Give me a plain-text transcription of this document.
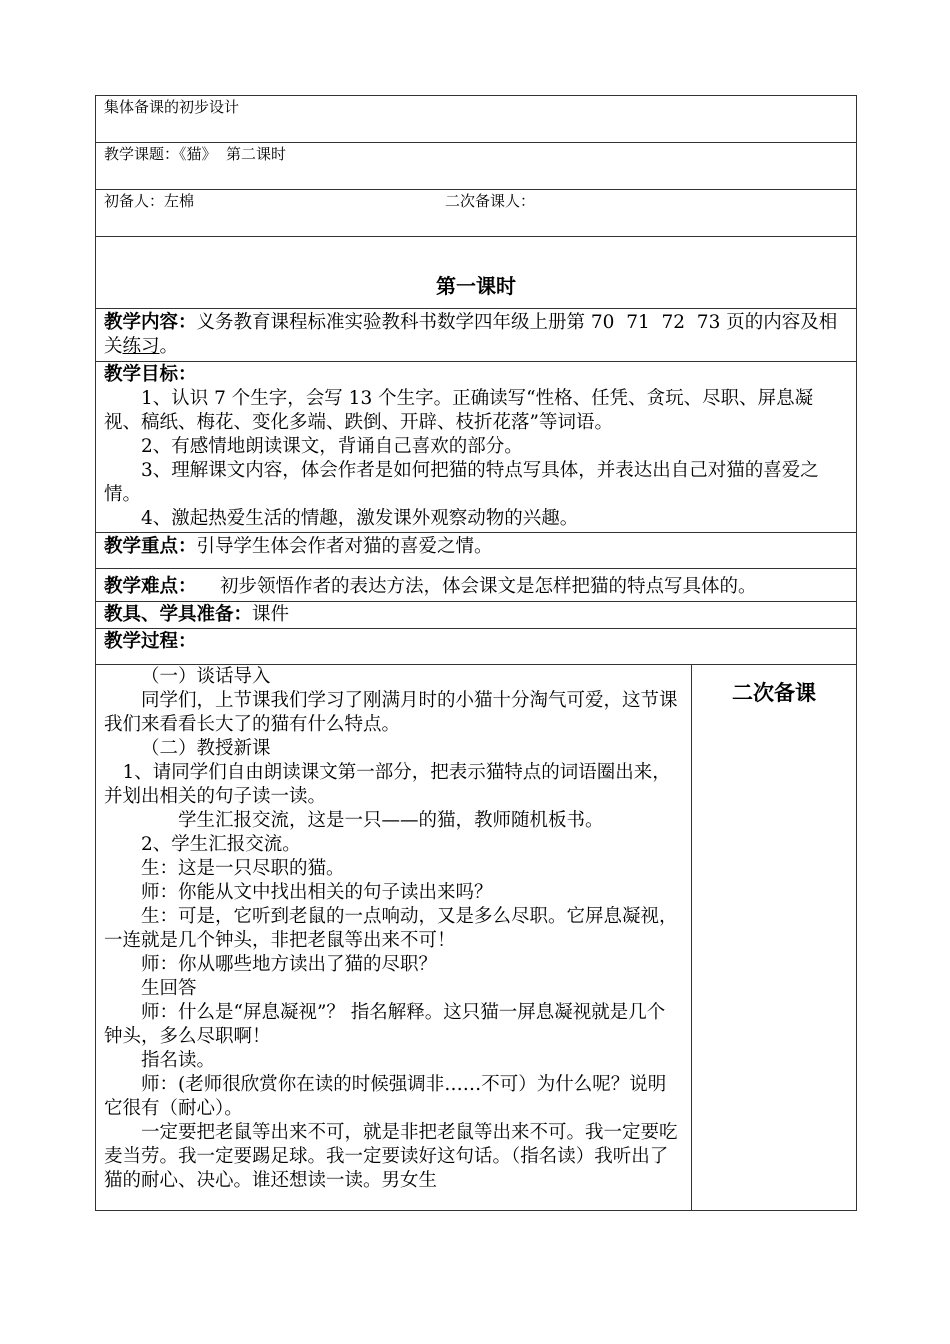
集体备课的初步设计

教学课题：《猫》  第二课时

初备人：左棉	二次备课人：

第一课时

教学内容：义务教育课程标准实验教科书数学四年级上册第 70  71  72  73 页的内容及相关练习。

教学目标：
1、认识 7 个生字，会写 13 个生字。正确读写“性格、任凭、贪玩、尽职、屏息凝视、稿纸、梅花、变化多端、跌倒、开辟、枝折花落”等词语。
2、有感情地朗读课文，背诵自己喜欢的部分。
3、理解课文内容，体会作者是如何把猫的特点写具体，并表达出自己对猫的喜爱之情。
4、激起热爱生活的情趣，激发课外观察动物的兴趣。

教学重点：引导学生体会作者对猫的喜爱之情。
教学难点：    初步领悟作者的表达方法，体会课文是怎样把猫的特点写具体的。
教具、学具准备：课件
教学过程：

（一）谈话导入
同学们，上节课我们学习了刚满月时的小猫十分淘气可爱，这节课我们来看看长大了的猫有什么特点。
（二）教授新课
1、请同学们自由朗读课文第一部分，把表示猫特点的词语圈出来，并划出相关的句子读一读。
学生汇报交流，这是一只——的猫，教师随机板书。
2、学生汇报交流。
生：这是一只尽职的猫。
师：你能从文中找出相关的句子读出来吗？
生：可是，它听到老鼠的一点响动，又是多么尽职。它屏息凝视，一连就是几个钟头，非把老鼠等出来不可！
师：你从哪些地方读出了猫的尽职？
生回答
师：什么是“屏息凝视”？ 指名解释。这只猫一屏息凝视就是几个钟头，多么尽职啊！
指名读。
师：(老师很欣赏你在读的时候强调非……不可）为什么呢？说明它很有（耐心）。
一定要把老鼠等出来不可，就是非把老鼠等出来不可。我一定要吃麦当劳。我一定要踢足球。我一定要读好这句话。（指名读）我听出了猫的耐心、决心。谁还想读一读。男女生

二次备课
